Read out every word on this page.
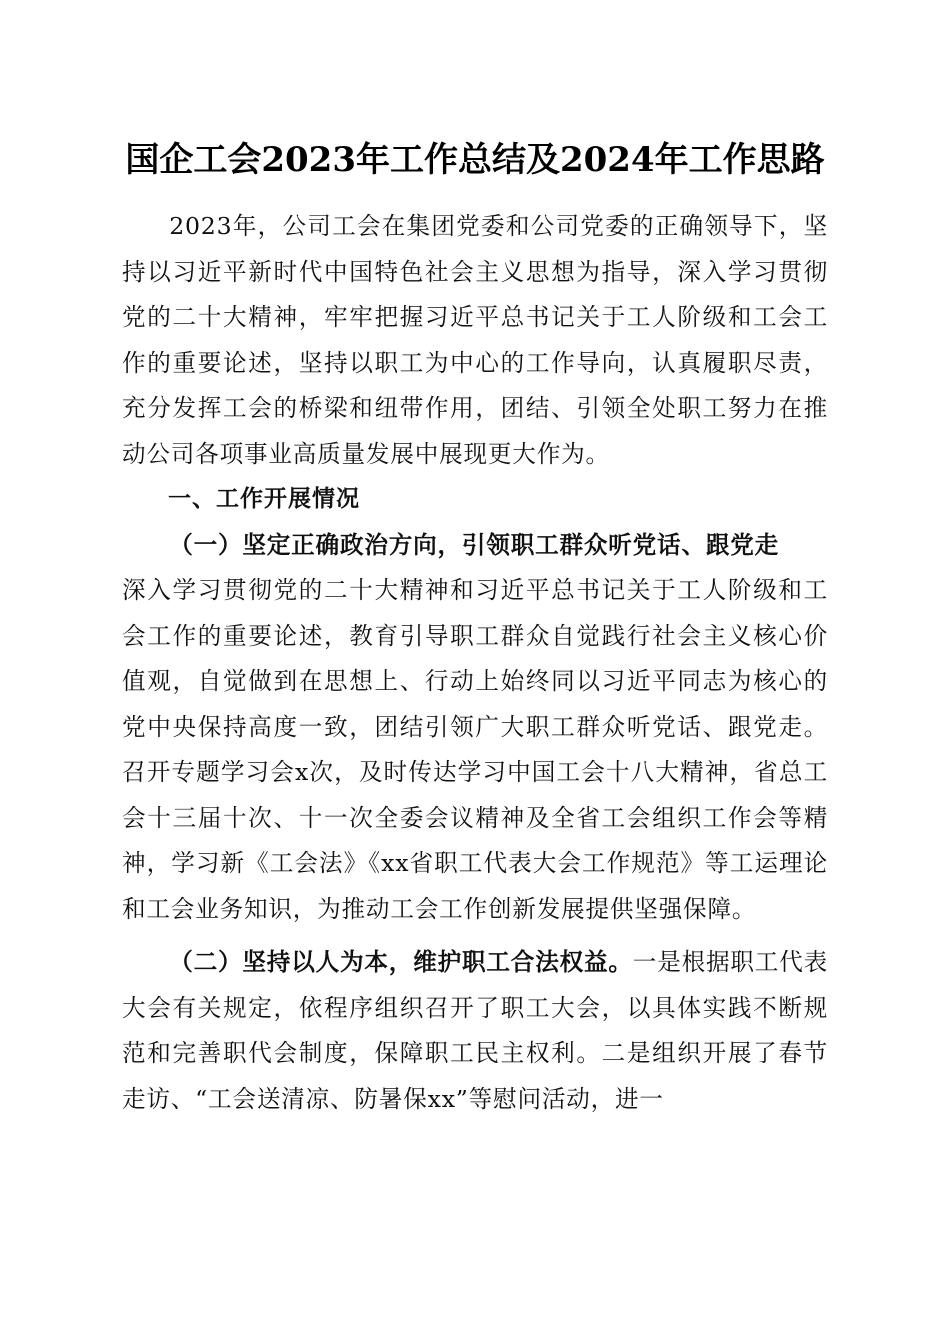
国企工会2023年工作总结及2024年工作思路

2023年，公司工会在集团党委和公司党委的正确领导下，坚持以习近平新时代中国特色社会主义思想为指导，深入学习贯彻党的二十大精神，牢牢把握习近平总书记关于工人阶级和工会工作的重要论述，坚持以职工为中心的工作导向，认真履职尽责，充分发挥工会的桥梁和纽带作用，团结、引领全处职工努力在推动公司各项事业高质量发展中展现更大作为。

一、工作开展情况

（一）坚定正确政治方向，引领职工群众听党话、跟党走
深入学习贯彻党的二十大精神和习近平总书记关于工人阶级和工会工作的重要论述，教育引导职工群众自觉践行社会主义核心价值观，自觉做到在思想上、行动上始终同以习近平同志为核心的党中央保持高度一致，团结引领广大职工群众听党话、跟党走。召开专题学习会x次，及时传达学习中国工会十八大精神，省总工会十三届十次、十一次全委会议精神及全省工会组织工作会等精神，学习新《工会法》《xx省职工代表大会工作规范》等工运理论和工会业务知识，为推动工会工作创新发展提供坚强保障。

（二）坚持以人为本，维护职工合法权益。一是根据职工代表大会有关规定，依程序组织召开了职工大会，以具体实践不断规范和完善职代会制度，保障职工民主权利。二是组织开展了春节走访、“工会送清凉、防暑保xx”等慰问活动，进一
